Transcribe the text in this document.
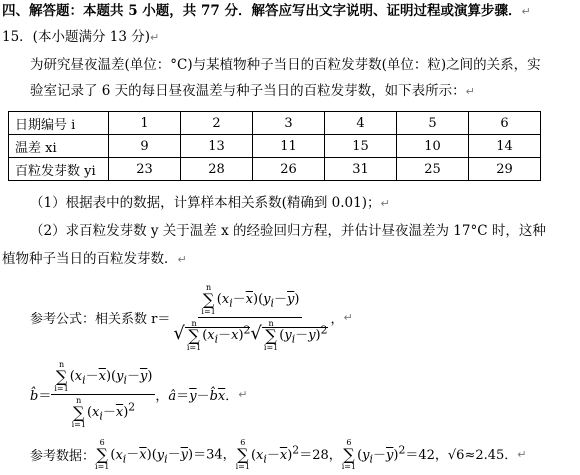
四、解答题：本题共 5 小题，共 77 分．解答应写出文字说明、证明过程或演算步骤．↵
15．(本小题满分 13 分)↵
为研究昼夜温差(单位：°C)与某植物种子当日的百粒发芽数(单位：粒)之间的关系，实
验室记录了 6 天的每日昼夜温差与种子当日的百粒发芽数，如下表所示：↵
日期编号 i	1	2	3	4	5	6
温差 xi	9	13	11	15	10	14
百粒发芽数 yi	23	28	26	31	25	29
（1）根据表中的数据，计算样本相关系数(精确到 0.01)；↵
（2）求百粒发芽数 y 关于温差 x 的经验回归方程，并估计昼夜温差为 17°C 时，这种
植物种子当日的百粒发芽数．↵
参考公式：相关系数 r＝ n
∑
i=1
$(x_i-\overline{x})(y_i-\overline{y})$
√ n
∑
i=1
$(x_i-\overline{x})^2√$ n
∑
i=1
$(y_i-\overline{y})^2$ ，↵
b̂＝ n
∑
i=1
$(x_i-\overline{x})(y_i-\overline{y})$
n
∑
i=1
$(x_i-\overline{x})^2$ ，$â=\overline{y}-b̂\overline{x}$．↵
参考数据：
6
∑
i=1
$(x_i-\overline{x})(y_i-\overline{y})=34$，
6
∑
i=1
$(x_i-\overline{x})^2=28$，
6
∑
i=1
$(y_i-\overline{y})^2=42$，√6≈2.45．↵
